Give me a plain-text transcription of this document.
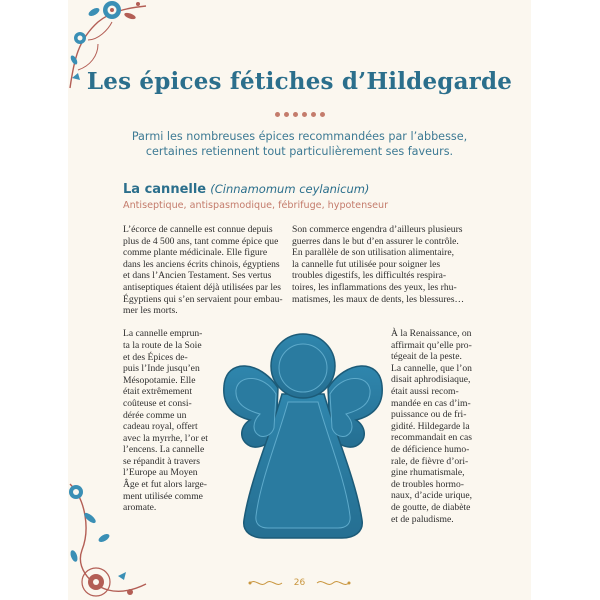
Les épices fétiches d’Hildegarde
Parmi les nombreuses épices recommandées par l’abbesse,
certaines retiennent tout particulièrement ses faveurs.
La cannelle (Cinnamomum ceylanicum)
Antiseptique, antispasmodique, fébrifuge, hypotenseur
L’écorce de cannelle est connue depuis
plus de 4 500 ans, tant comme épice que
comme plante médicinale. Elle figure
dans les anciens écrits chinois, égyptiens
et dans l’Ancien Testament. Ses vertus
antiseptiques étaient déjà utilisées par les
Égyptiens qui s’en servaient pour embau-
mer les morts.
La cannelle emprun-
ta la route de la Soie
et des Épices de-
puis l’Inde jusqu’en
Mésopotamie. Elle
était extrêmement
coûteuse et consi-
dérée comme un
cadeau royal, offert
avec la myrrhe, l’or et
l’encens. La cannelle
se répandit à travers
l’Europe au Moyen
Âge et fut alors large-
ment utilisée comme
aromate.
Son commerce engendra d’ailleurs plusieurs
guerres dans le but d’en assurer le contrôle.
En parallèle de son utilisation alimentaire,
la cannelle fut utilisée pour soigner les
troubles digestifs, les difficultés respira-
toires, les inflammations des yeux, les rhu-
matismes, les maux de dents, les blessures…
À la Renaissance, on
affirmait qu’elle pro-
tégeait de la peste.
La cannelle, que l’on
disait aphrodisiaque,
était aussi recom-
mandée en cas d’im-
puissance ou de fri-
gidité. Hildegarde la
recommandait en cas
de déficience humo-
rale, de fièvre d’ori-
gine rhumatismale,
de troubles hormo-
naux, d’acide urique,
de goutte, de diabète
et de paludisme.
26
